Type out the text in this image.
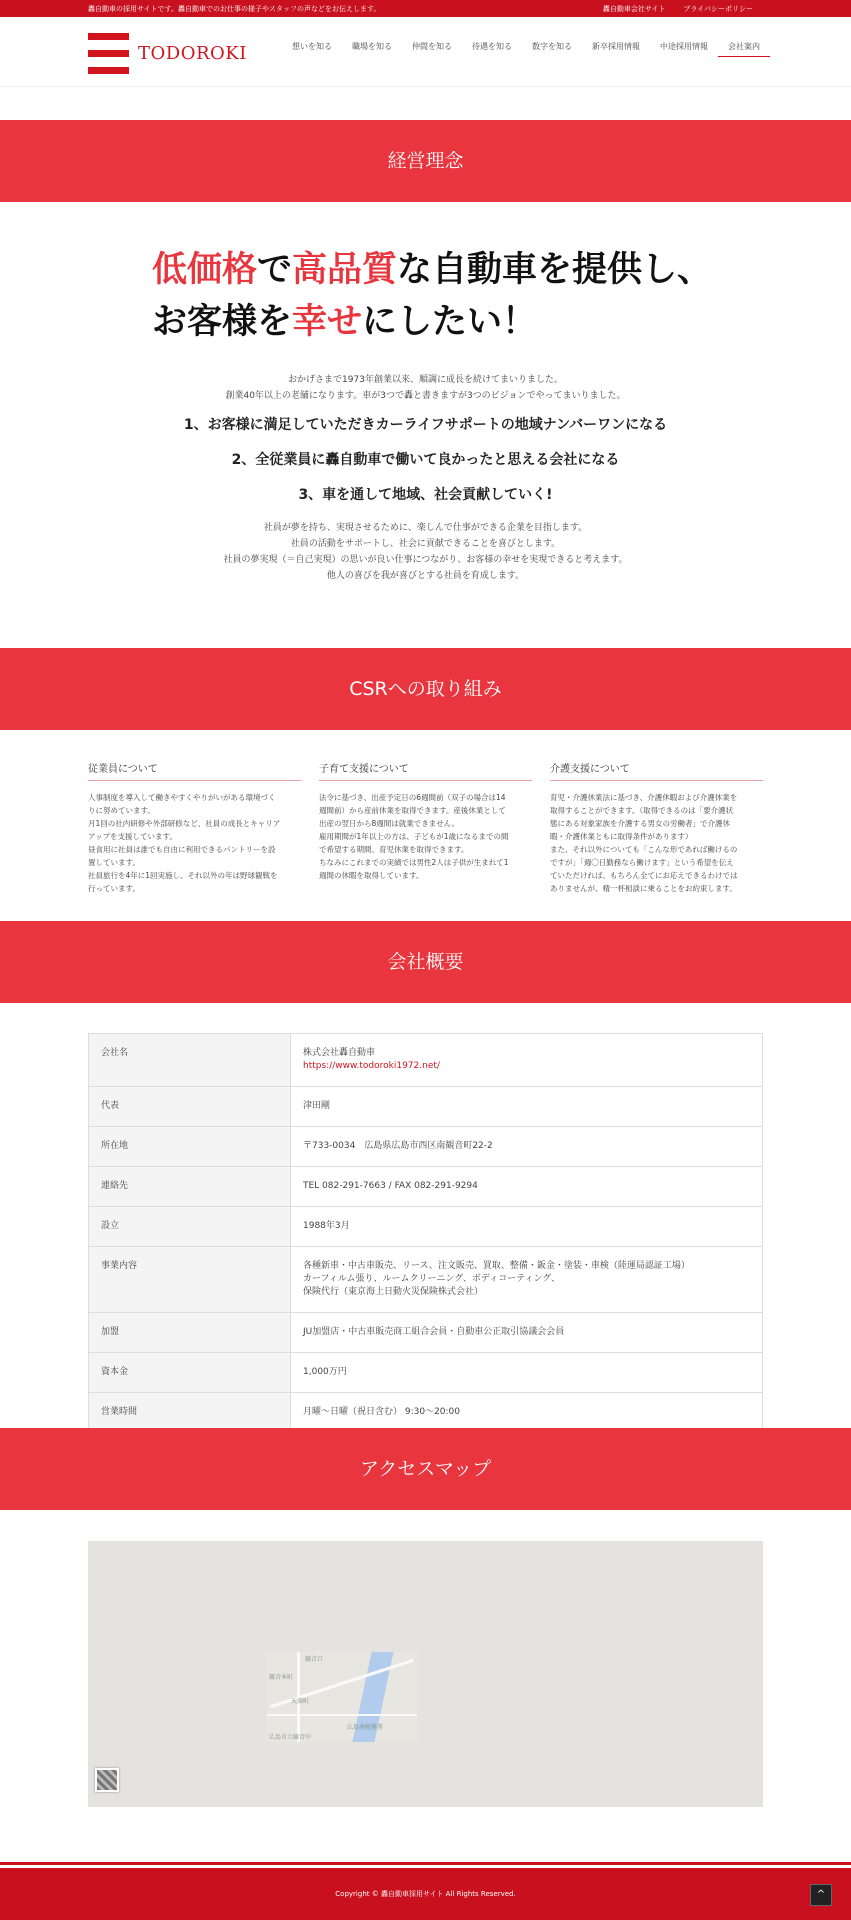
轟自動車の採用サイトです。轟自動車でのお仕事の様子やスタッフの声などをお伝えします。	轟自動車会社サイト	プライバシーポリシー
TODOROKI	想いを知る	職場を知る	仲間を知る	待遇を知る	数字を知る	新卒採用情報	中途採用情報	会社案内
経営理念
低価格で高品質な自動車を提供し、
お客様を幸せにしたい！
おかげさまで1973年創業以来、順調に成長を続けてまいりました。
創業40年以上の老舗になります。車が3つで轟と書きますが3つのビジョンでやってまいりました。
1、お客様に満足していただきカーライフサポートの地域ナンバーワンになる
2、全従業員に轟自動車で働いて良かったと思える会社になる
3、車を通して地域、社会貢献していく!
社員が夢を持ち、実現させるために、楽しんで仕事ができる企業を目指します。
社員の活動をサポートし、社会に貢献できることを喜びとします。
社員の夢実現（＝自己実現）の思いが良い仕事につながり、お客様の幸せを実現できると考えます。
他人の喜びを我が喜びとする社員を育成します。
CSRへの取り組み
従業員について

人事制度を導入して働きやすくやりがいがある環境づく
りに努めています。
月1回の社内研修や外部研修など、社員の成長とキャリア
アップを支援しています。
昼食用に社員は誰でも自由に利用できるパントリーを設
置しています。
社員旅行を4年に1回実施し、それ以外の年は野球観戦を
行っています。

子育て支援について

法令に基づき、出産予定日の6週間前（双子の場合は14
週間前）から産前休業を取得できます。産後休業として
出産の翌日から8週間は就業できません。
雇用期間が1年以上の方は、子どもが1歳になるまでの間
で希望する期間、育児休業を取得できます。
ちなみにこれまでの実績では男性2人は子供が生まれて1
週間の休暇を取得しています。

介護支援について

育児・介護休業法に基づき、介護休暇および介護休業を
取得することができます。（取得できるのは「要介護状
態にある対象家族を介護する男女の労働者」で介護休
暇・介護休業ともに取得条件があります）
また、それ以外についても「こんな形であれば働けるの
ですが」「週〇日勤務なら働けます」という希望を伝え
ていただければ、もちろん全てにお応えできるわけでは
ありませんが、精一杯相談に乗ることをお約束します。

会社概要
会社名	株式会社轟自動車
https://www.todoroki1972.net/

代表	津田剛
所在地	〒733-0034　広島県広島市西区南観音町22-2
連絡先	TEL 082-291-7663 / FAX 082-291-9294
設立	1988年3月
事業内容	各種新車・中古車販売、リース、注文販売、買取、整備・鈑金・塗装・車検（陸運局認証工場）
カーフィルム張り、ルームクリーニング、ボディコーティング、
保険代行（東京海上日動火災保険株式会社）

加盟	JU加盟店・中古車販売商工組合会員・自動車公正取引協議会会員
資本金	1,000万円
営業時間	月曜〜日曜（祝日含む） 9:30〜20:00
アクセスマップ
観音口
観音本町
広島市立観音中
広島南税務署
天満町
Copyright © 轟自動車採用サイト All Rights Reserved.	^
